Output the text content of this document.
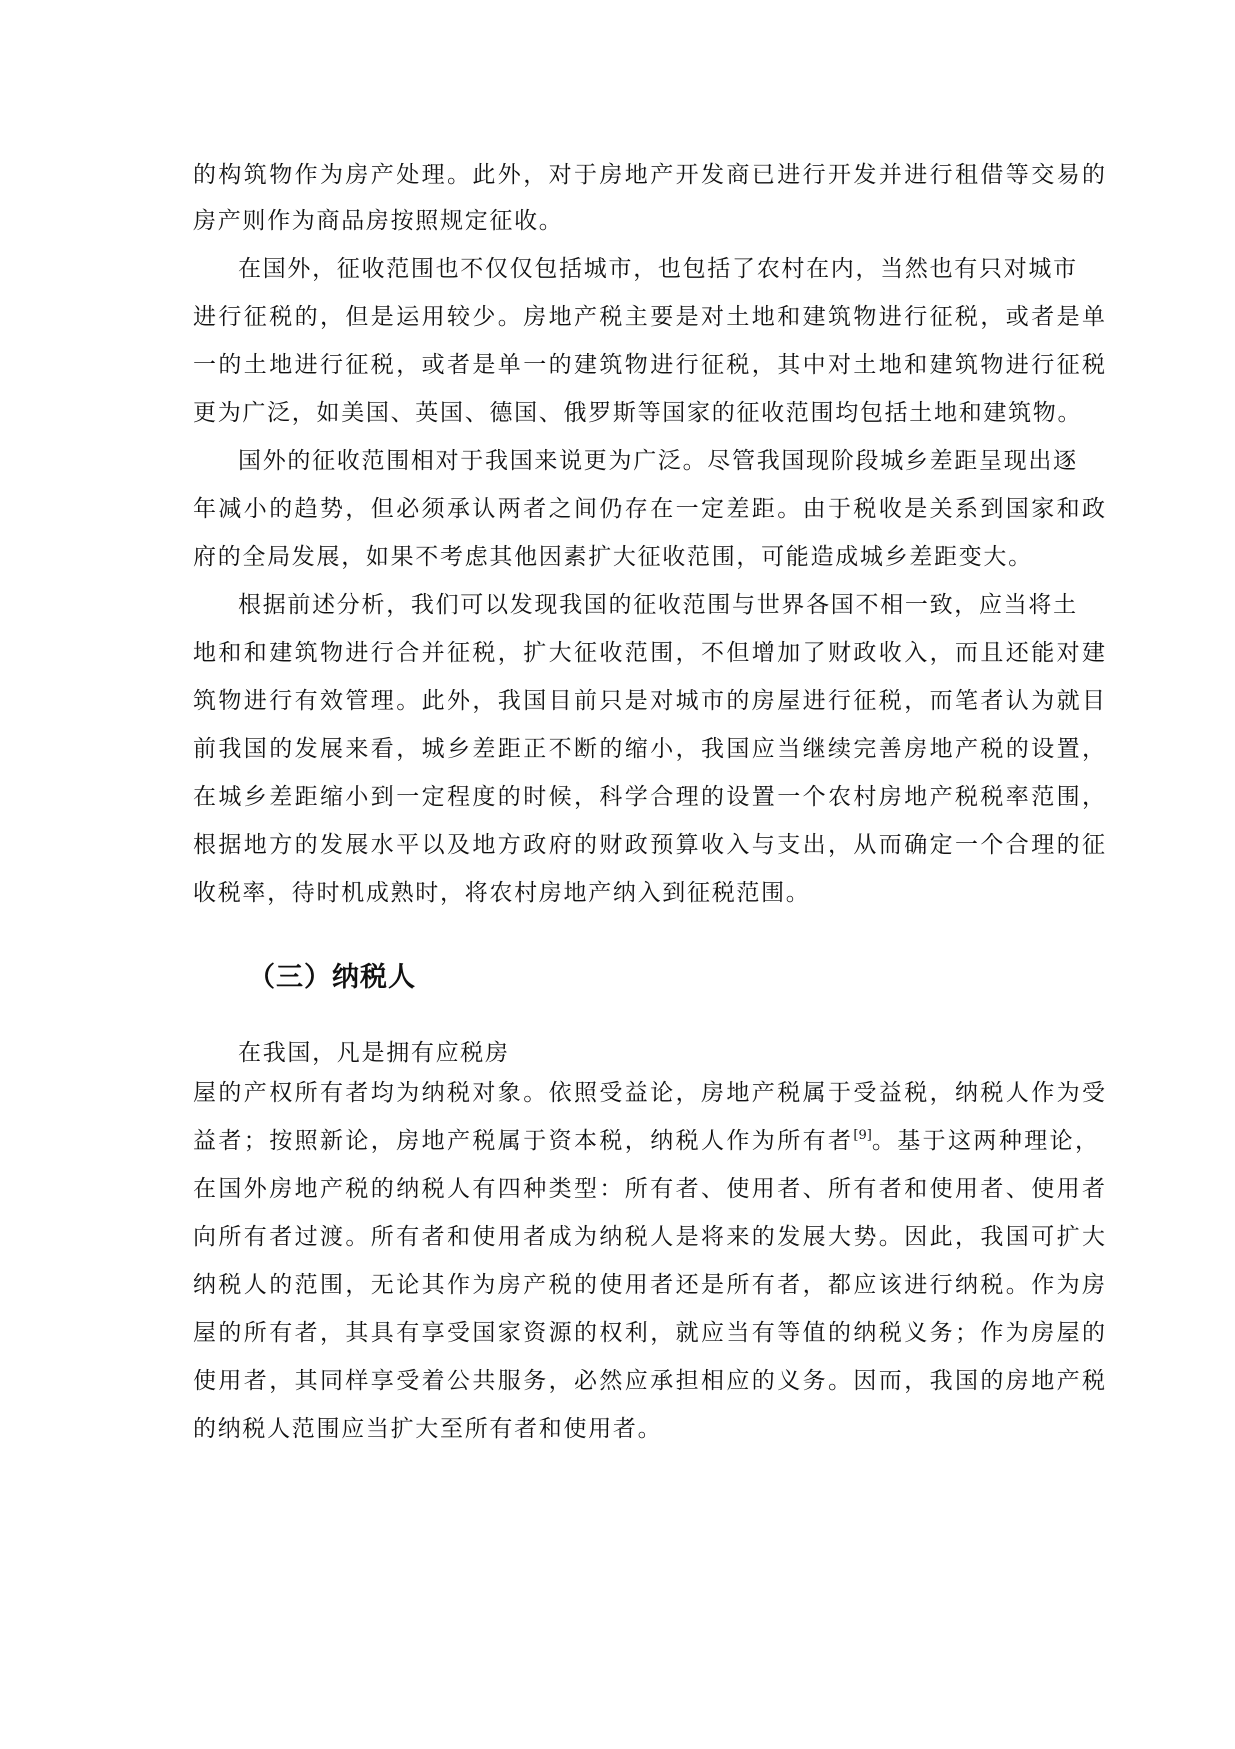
的构筑物作为房产处理。此外，对于房地产开发商已进行开发并进行租借等交易的
房产则作为商品房按照规定征收。
在国外，征收范围也不仅仅包括城市，也包括了农村在内，当然也有只对城市
进行征税的，但是运用较少。房地产税主要是对土地和建筑物进行征税，或者是单
一的土地进行征税，或者是单一的建筑物进行征税，其中对土地和建筑物进行征税
更为广泛，如美国、英国、德国、俄罗斯等国家的征收范围均包括土地和建筑物。
国外的征收范围相对于我国来说更为广泛。尽管我国现阶段城乡差距呈现出逐
年减小的趋势，但必须承认两者之间仍存在一定差距。由于税收是关系到国家和政
府的全局发展，如果不考虑其他因素扩大征收范围，可能造成城乡差距变大。
根据前述分析，我们可以发现我国的征收范围与世界各国不相一致，应当将土
地和和建筑物进行合并征税，扩大征收范围，不但增加了财政收入，而且还能对建
筑物进行有效管理。此外，我国目前只是对城市的房屋进行征税，而笔者认为就目
前我国的发展来看，城乡差距正不断的缩小，我国应当继续完善房地产税的设置，
在城乡差距缩小到一定程度的时候，科学合理的设置一个农村房地产税税率范围，
根据地方的发展水平以及地方政府的财政预算收入与支出，从而确定一个合理的征
收税率，待时机成熟时，将农村房地产纳入到征税范围。
（三）纳税人
在我国，凡是拥有应税房
屋的产权所有者均为纳税对象。依照受益论，房地产税属于受益税，纳税人作为受
益者；按照新论，房地产税属于资本税，纳税人作为所有者[9]。基于这两种理论，
在国外房地产税的纳税人有四种类型：所有者、使用者、所有者和使用者、使用者
向所有者过渡。所有者和使用者成为纳税人是将来的发展大势。因此，我国可扩大
纳税人的范围，无论其作为房产税的使用者还是所有者，都应该进行纳税。作为房
屋的所有者，其具有享受国家资源的权利，就应当有等值的纳税义务；作为房屋的
使用者，其同样享受着公共服务，必然应承担相应的义务。因而，我国的房地产税
的纳税人范围应当扩大至所有者和使用者。
